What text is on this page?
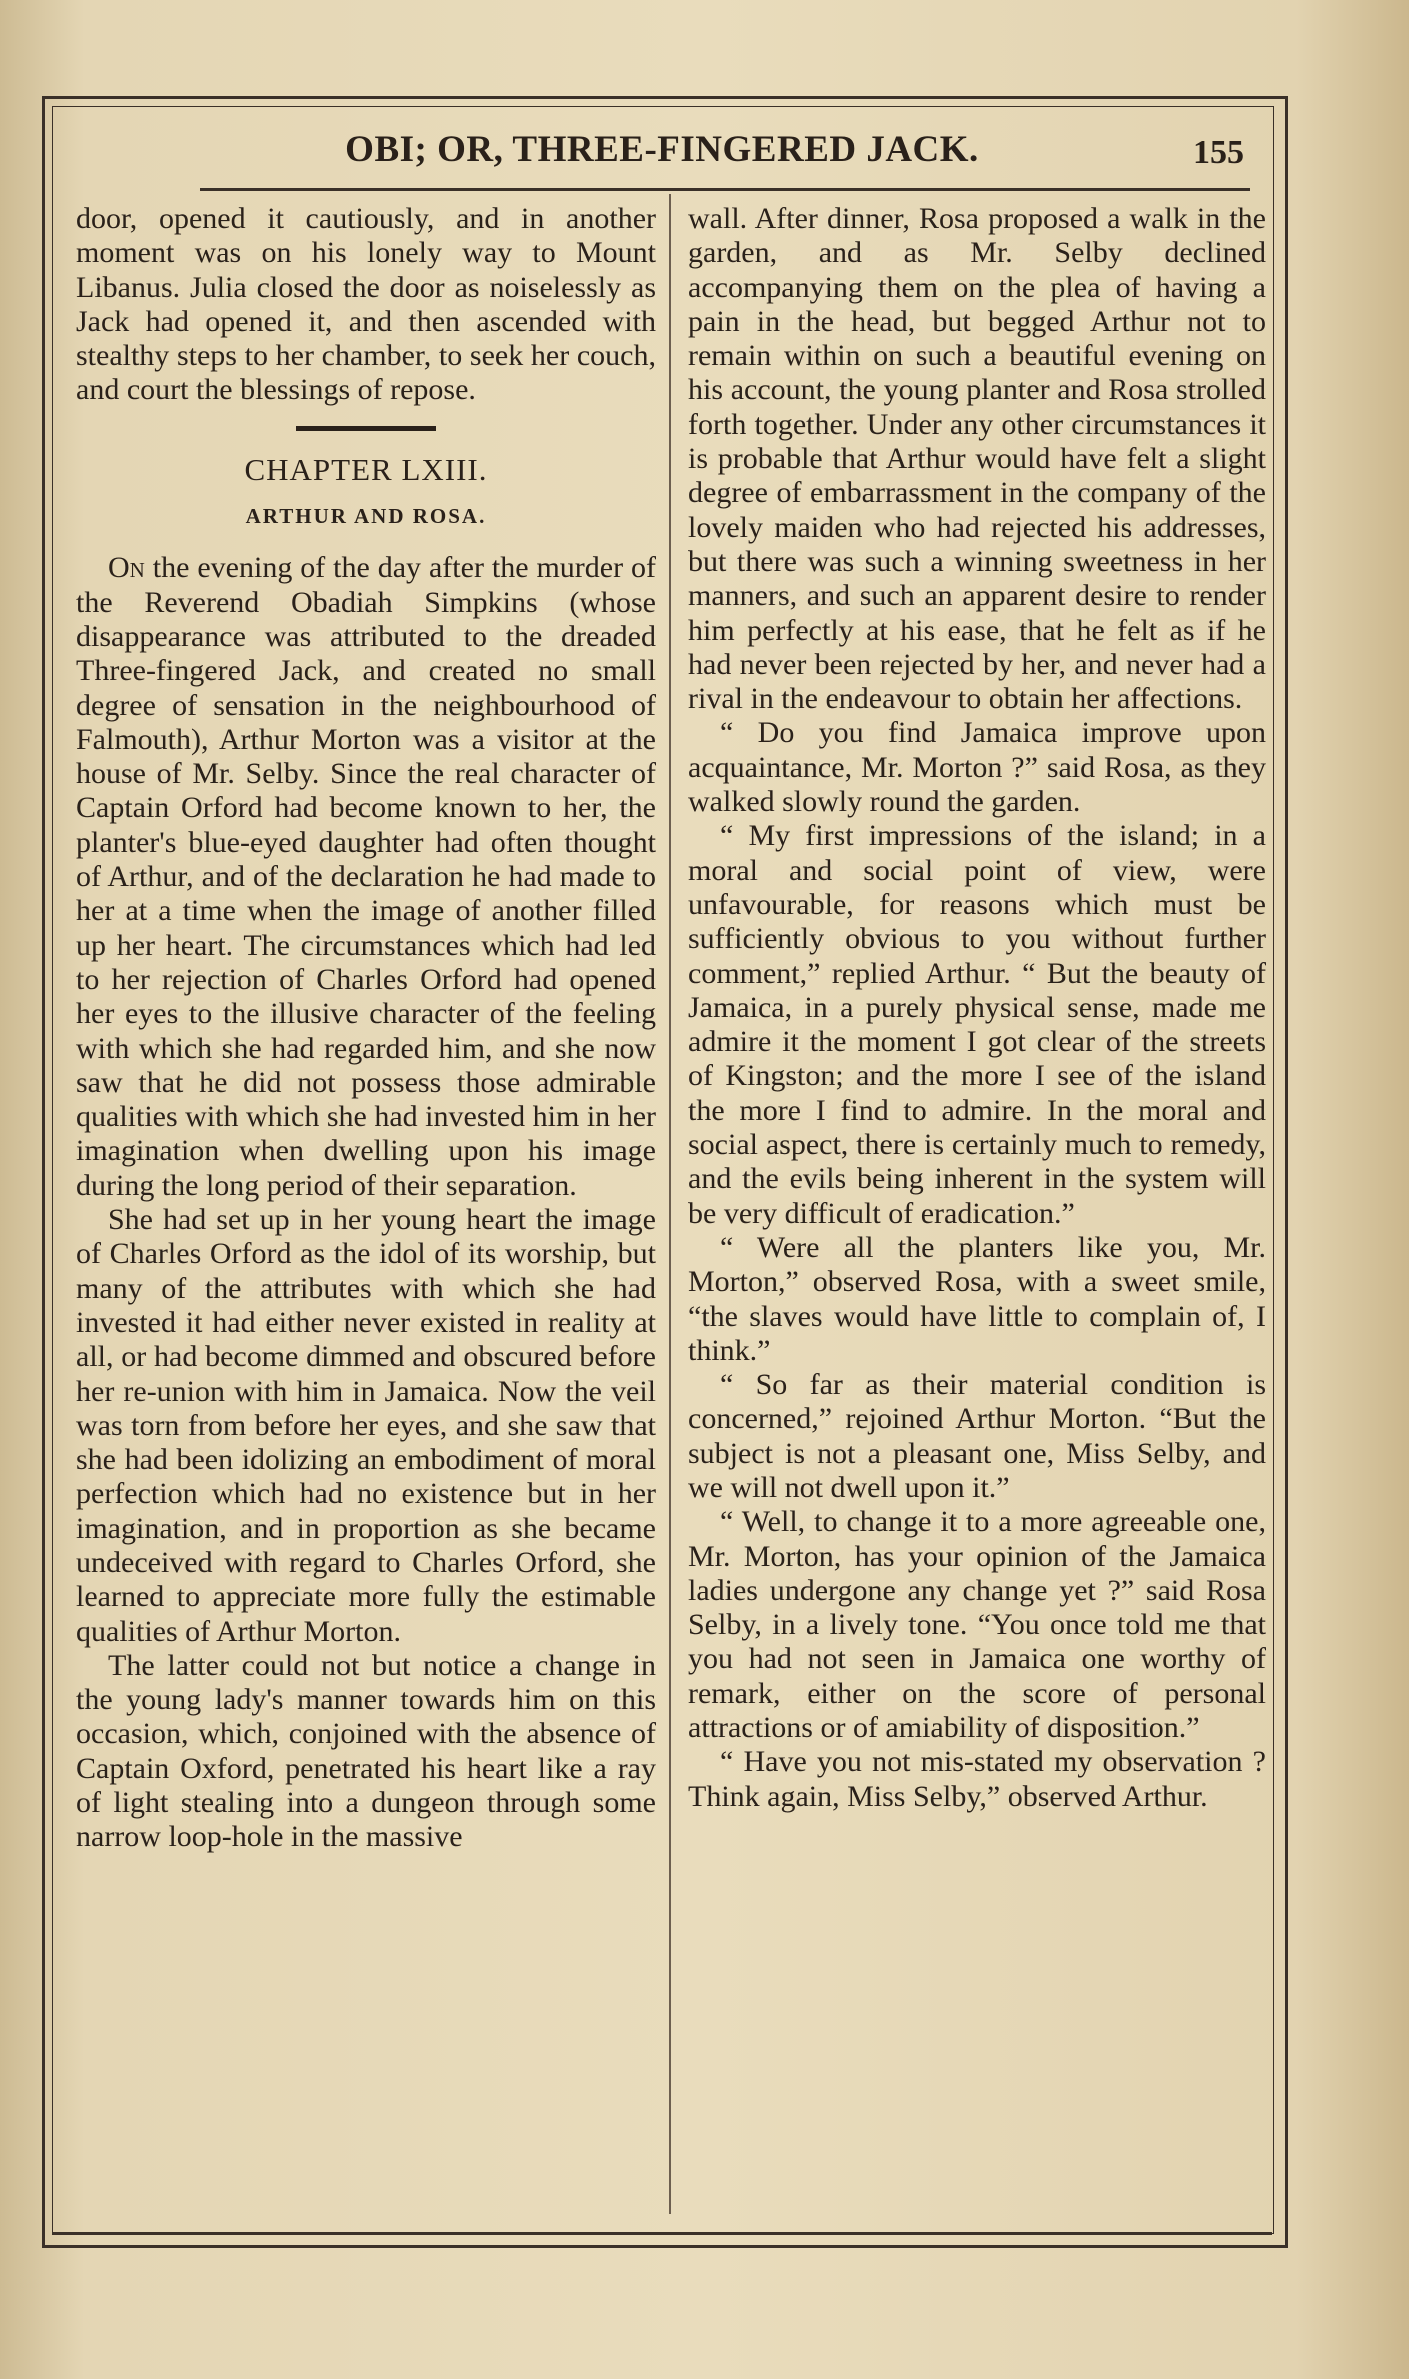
OBI; OR, THREE-FINGERED JACK.	155

door, opened it cautiously, and in another moment was on his lonely way to Mount Libanus. Julia closed the door as noiselessly as Jack had opened it, and then ascended with stealthy steps to her chamber, to seek her couch, and court the blessings of repose.

CHAPTER LXIII.
ARTHUR AND ROSA.

On the evening of the day after the murder of the Reverend Obadiah Simpkins (whose disappearance was attributed to the dreaded Three-fingered Jack, and created no small degree of sensation in the neighbourhood of Falmouth), Arthur Morton was a visitor at the house of Mr. Selby. Since the real character of Captain Orford had become known to her, the planter's blue-eyed daughter had often thought of Arthur, and of the declaration he had made to her at a time when the image of another filled up her heart. The circumstances which had led to her rejection of Charles Orford had opened her eyes to the illusive character of the feeling with which she had regarded him, and she now saw that he did not possess those admirable qualities with which she had invested him in her imagination when dwelling upon his image during the long period of their separation.

She had set up in her young heart the image of Charles Orford as the idol of its worship, but many of the attributes with which she had invested it had either never existed in reality at all, or had become dimmed and obscured before her re-union with him in Jamaica. Now the veil was torn from before her eyes, and she saw that she had been idolizing an embodiment of moral perfection which had no existence but in her imagination, and in proportion as she became undeceived with regard to Charles Orford, she learned to appreciate more fully the estimable qualities of Arthur Morton.

The latter could not but notice a change in the young lady's manner towards him on this occasion, which, conjoined with the absence of Captain Oxford, penetrated his heart like a ray of light stealing into a dungeon through some narrow loop-hole in the massive

wall. After dinner, Rosa proposed a walk in the garden, and as Mr. Selby declined accompanying them on the plea of having a pain in the head, but begged Arthur not to remain within on such a beautiful evening on his account, the young planter and Rosa strolled forth together. Under any other circumstances it is probable that Arthur would have felt a slight degree of embarrassment in the company of the lovely maiden who had rejected his addresses, but there was such a winning sweetness in her manners, and such an apparent desire to render him perfectly at his ease, that he felt as if he had never been rejected by her, and never had a rival in the endeavour to obtain her affections.

“ Do you find Jamaica improve upon acquaintance, Mr. Morton ?” said Rosa, as they walked slowly round the garden.

“ My first impressions of the island; in a moral and social point of view, were unfavourable, for reasons which must be sufficiently obvious to you without further comment,” replied Arthur. “ But the beauty of Jamaica, in a purely physical sense, made me admire it the moment I got clear of the streets of Kingston; and the more I see of the island the more I find to admire. In the moral and social aspect, there is certainly much to remedy, and the evils being inherent in the system will be very difficult of eradication.”

“ Were all the planters like you, Mr. Morton,” observed Rosa, with a sweet smile, “the slaves would have little to complain of, I think.”

“ So far as their material condition is concerned,” rejoined Arthur Morton. “But the subject is not a pleasant one, Miss Selby, and we will not dwell upon it.”

“ Well, to change it to a more agreeable one, Mr. Morton, has your opinion of the Jamaica ladies undergone any change yet ?” said Rosa Selby, in a lively tone. “You once told me that you had not seen in Jamaica one worthy of remark, either on the score of personal attractions or of amiability of disposition.”

“ Have you not mis-stated my observation ? Think again, Miss Selby,” observed Arthur.
